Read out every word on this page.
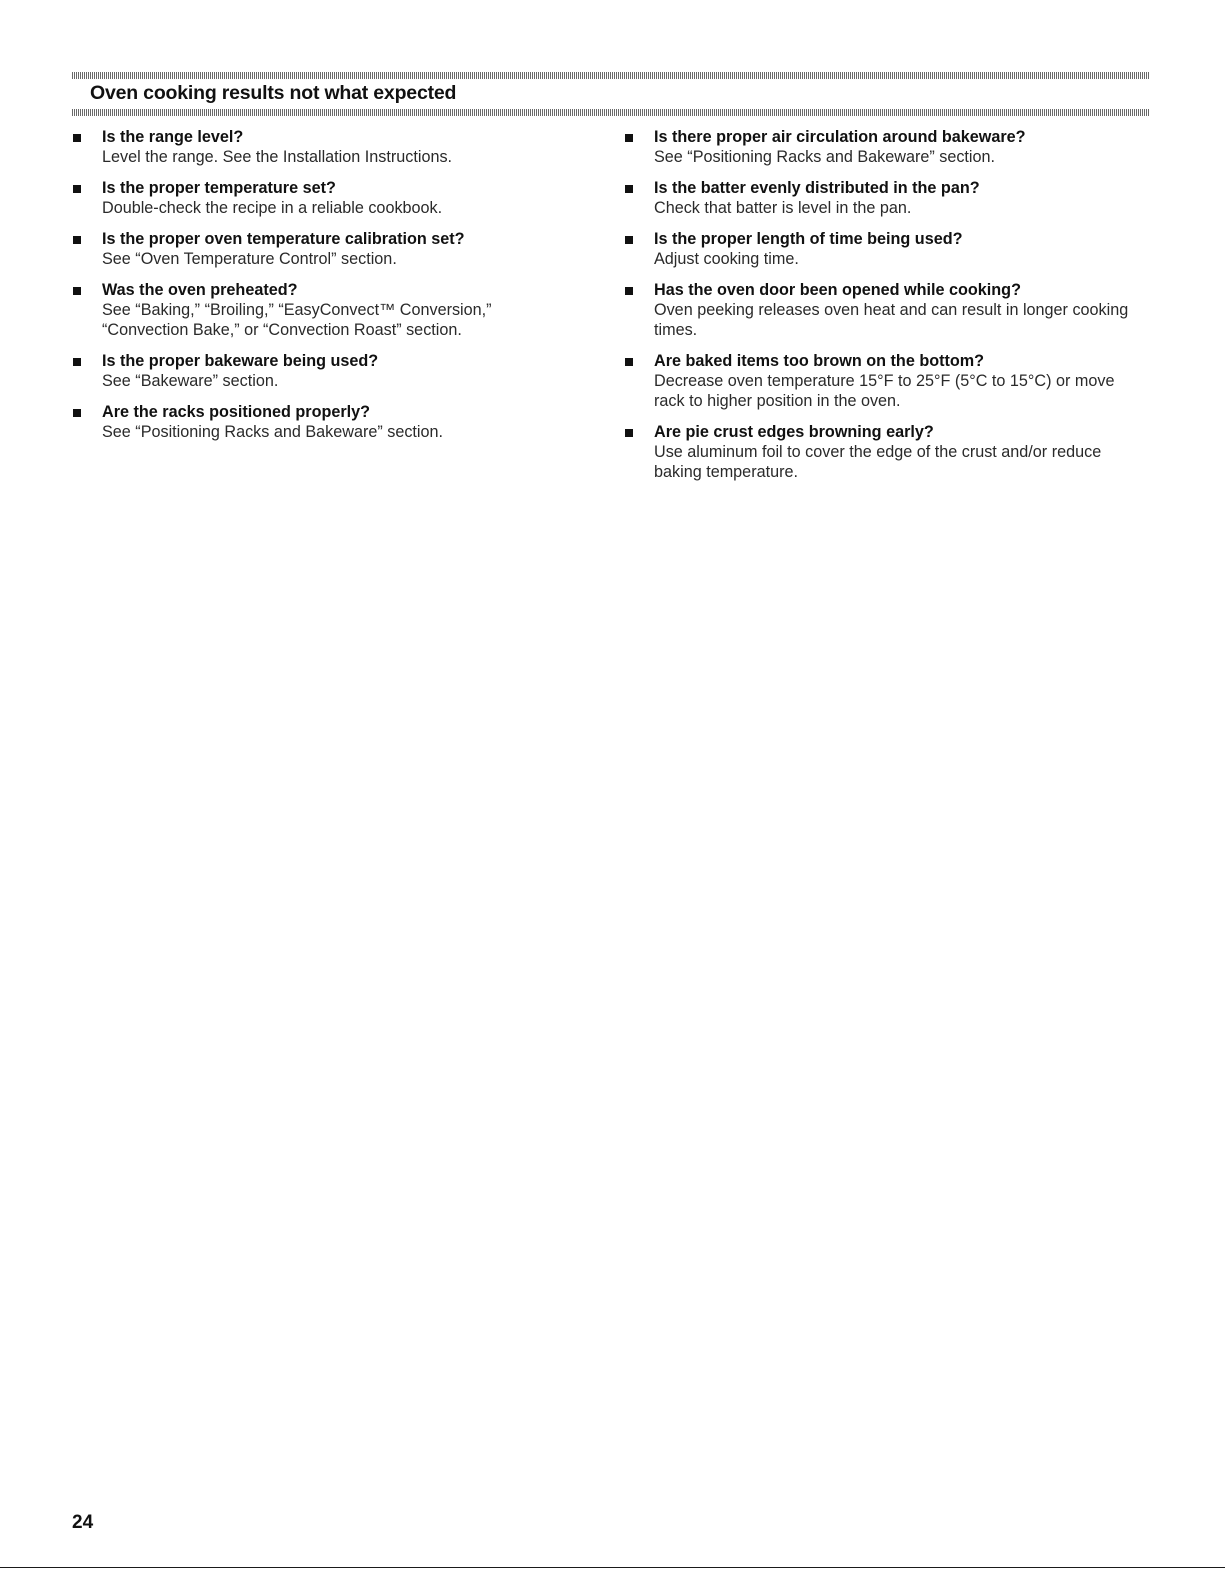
Oven cooking results not what expected
Is the range level?
Level the range. See the Installation Instructions.
Is the proper temperature set?
Double-check the recipe in a reliable cookbook.
Is the proper oven temperature calibration set?
See “Oven Temperature Control” section.
Was the oven preheated?
See “Baking,” “Broiling,” “EasyConvect™ Conversion,” “Convection Bake,” or “Convection Roast” section.
Is the proper bakeware being used?
See “Bakeware” section.
Are the racks positioned properly?
See “Positioning Racks and Bakeware” section.
Is there proper air circulation around bakeware?
See “Positioning Racks and Bakeware” section.
Is the batter evenly distributed in the pan?
Check that batter is level in the pan.
Is the proper length of time being used?
Adjust cooking time.
Has the oven door been opened while cooking?
Oven peeking releases oven heat and can result in longer cooking times.
Are baked items too brown on the bottom?
Decrease oven temperature 15°F to 25°F (5°C to 15°C) or move rack to higher position in the oven.
Are pie crust edges browning early?
Use aluminum foil to cover the edge of the crust and/or reduce baking temperature.

24
